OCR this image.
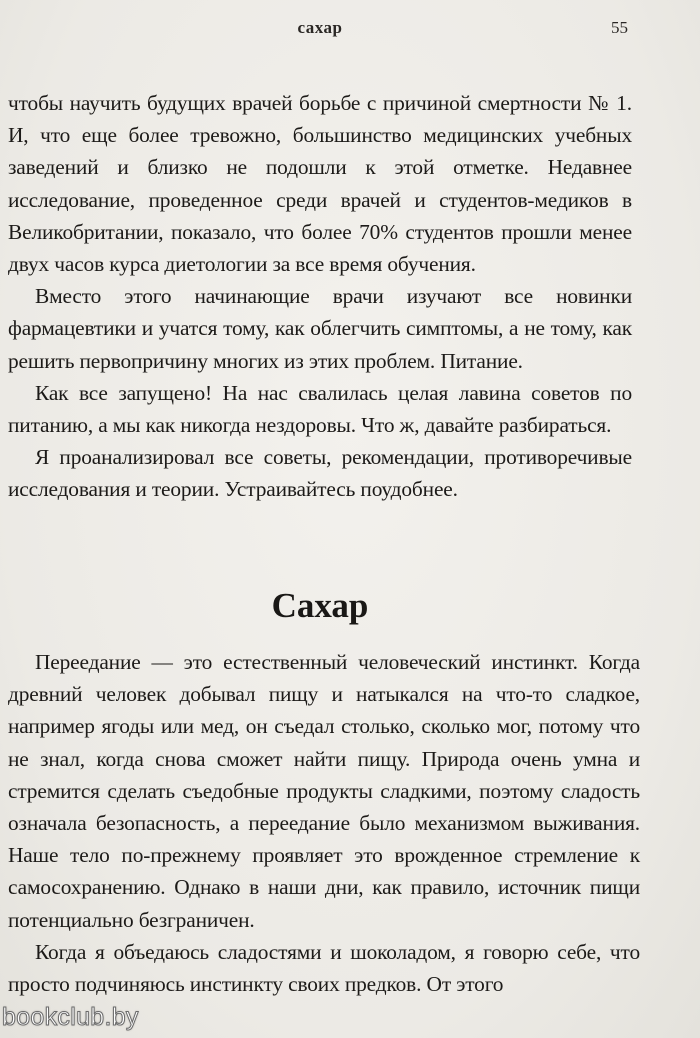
сахар	55

чтобы научить будущих врачей борьбе с причиной смертности № 1. И, что еще более тревожно, большинство медицинских учебных заведений и близко не подошли к этой отметке. Недавнее исследование, проведенное среди врачей и студентов-медиков в Великобритании, показало, что более 70% студентов прошли менее двух часов курса диетологии за все время обучения.

Вместо этого начинающие врачи изучают все новинки фармацевтики и учатся тому, как облегчить симптомы, а не тому, как решить первопричину многих из этих проблем. Питание.

Как все запущено! На нас свалилась целая лавина советов по питанию, а мы как никогда нездоровы. Что ж, давайте разбираться.

Я проанализировал все советы, рекомендации, противоречивые исследования и теории. Устраивайтесь поудобнее.

Сахар

Переедание — это естественный человеческий инстинкт. Когда древний человек добывал пищу и натыкался на что-то сладкое, например ягоды или мед, он съедал столько, сколько мог, потому что не знал, когда снова сможет найти пищу. Природа очень умна и стремится сделать съедобные продукты сладкими, поэтому сладость означала безопасность, а переедание было механизмом выживания. Наше тело по-прежнему проявляет это врожденное стремление к самосохранению. Однако в наши дни, как правило, источник пищи потенциально безграничен.

Когда я объедаюсь сладостями и шоколадом, я говорю себе, что просто подчиняюсь инстинкту своих предков. От этого

bookclub.by
